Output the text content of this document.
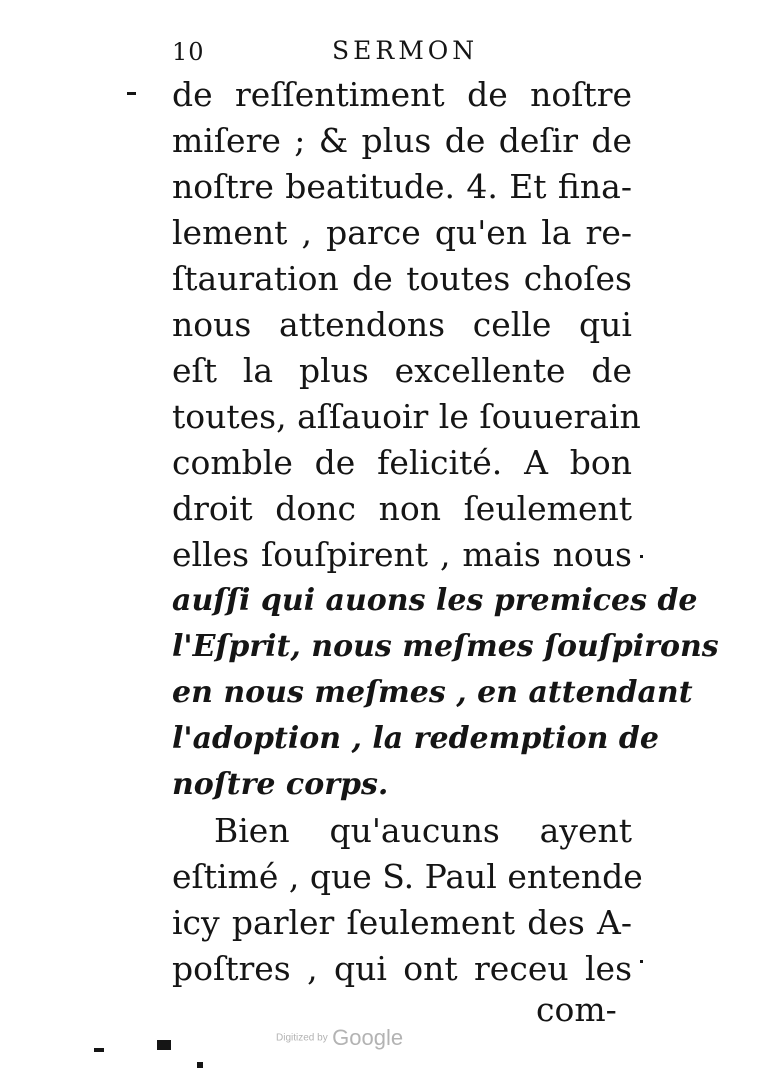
10	SERMON
de reſſentiment de noſtre
miſere ; & plus de deſir de
noſtre beatitude. 4. Et fina-
lement , parce qu'en la re-
ſtauration de toutes choſes
nous attendons celle qui
eſt la plus excellente de
toutes, aſſauoir le ſouuerain
comble de felicité. A bon
droit donc non ſeulement
elles ſouſpirent , mais nous
auſſi qui auons les premices de
l'Eſprit, nous meſmes ſouſpirons
en nous meſmes , en attendant
l'adoption , la redemption de
noſtre corps.
Bien qu'aucuns ayent
eſtimé , que S. Paul entende
icy parler ſeulement des A-
poſtres , qui ont receu les
com-
Digitized by Google
